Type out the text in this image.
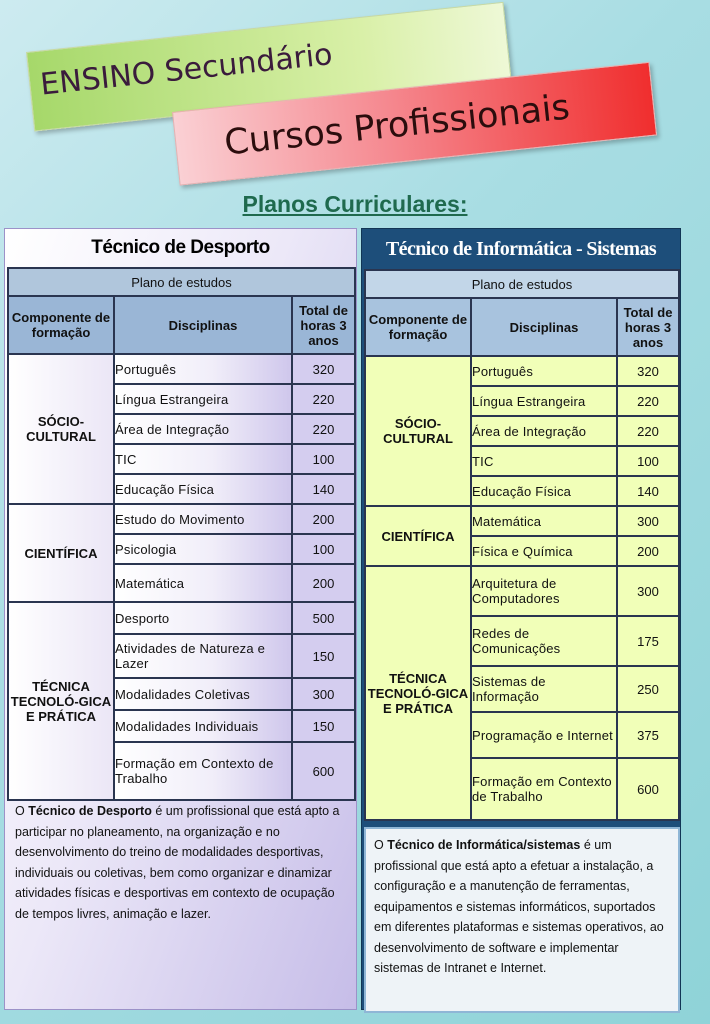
ENSINO Secundário
Cursos Profissionais
Planos Curriculares:
Técnico de Desporto
Plano de estudos		
Componente de formação	Disciplinas	Total de horas 3 anos
SÓCIO-CULTURAL	Português	320
	Língua Estrangeira	220
	Área de Integração	220
	TIC	100
	Educação Física	140
CIENTÍFICA	Estudo do Movimento	200
	Psicologia	100
	Matemática	200
TÉCNICA TECNOLÓ-GICA E PRÁTICA	Desporto	500
	Atividades de Natureza e Lazer	150
	Modalidades Coletivas	300
	Modalidades Individuais	150
	Formação em Contexto de Trabalho	600
O Técnico de Desporto é um profissional que está apto a participar no planeamento, na organização e no desenvolvimento do treino de modalidades desportivas, individuais ou coletivas, bem como organizar e dinamizar atividades físicas e desportivas em contexto de ocupação de tempos livres, animação e lazer.
Técnico de Informática - Sistemas
Plano de estudos		
Componente de formação	Disciplinas	Total de horas 3 anos
SÓCIO-CULTURAL	Português	320
	Língua Estrangeira	220
	Área de Integração	220
	TIC	100
	Educação Física	140
CIENTÍFICA	Matemática	300
	Física e Química	200
TÉCNICA TECNOLÓ-GICA E PRÁTICA	Arquitetura de Computadores	300
	Redes de Comunicações	175
	Sistemas de Informação	250
	Programação e Internet	375
	Formação em Contexto de Trabalho	600
O Técnico de Informática/sistemas é um profissional que está apto a efetuar a instalação, a configuração e a manutenção de ferramentas, equipamentos e sistemas informáticos, suportados em diferentes plataformas e sistemas operativos, ao desenvolvimento de software e implementar sistemas de Intranet e Internet.
